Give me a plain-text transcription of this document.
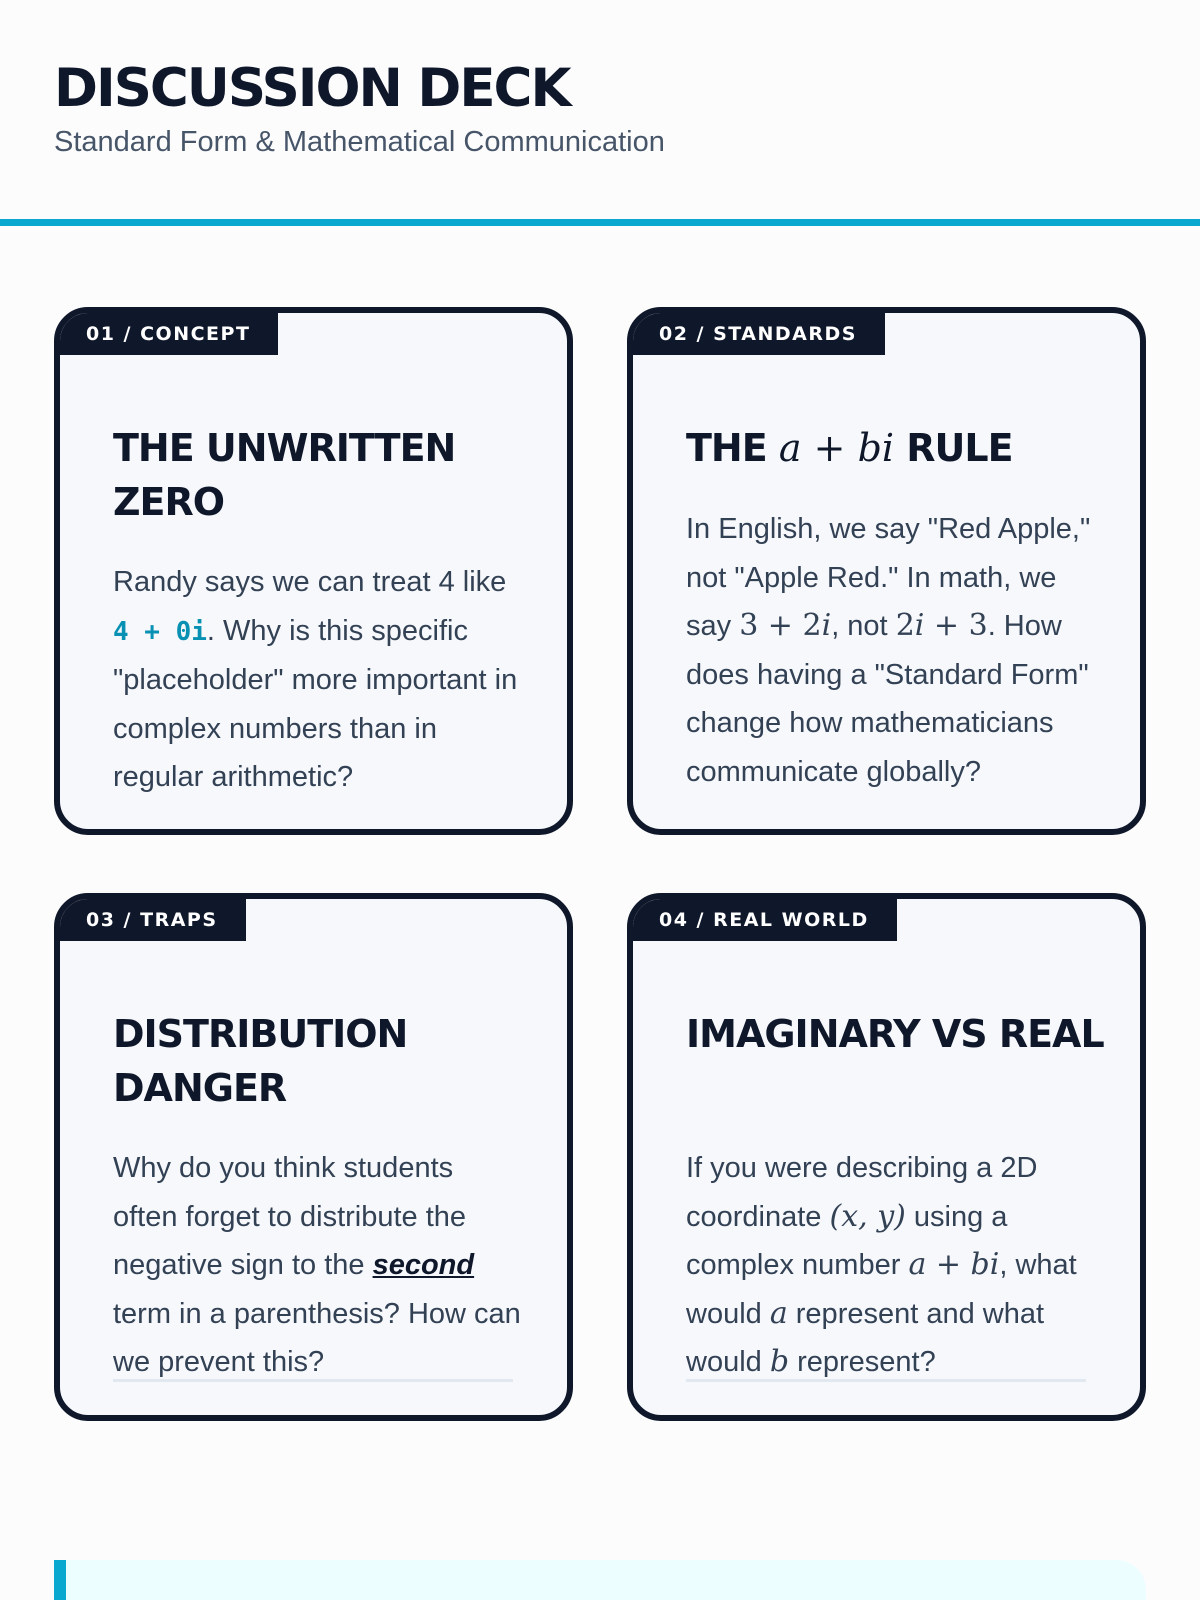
DISCUSSION DECK
Standard Form & Mathematical Communication
01 / CONCEPT
THE UNWRITTEN ZERO

Randy says we can treat 4 like 4 + 0i. Why is this specific "placeholder" more important in complex numbers than in regular arithmetic?

02 / STANDARDS
THE a + bi RULE

In English, we say "Red Apple," not "Apple Red." In math, we say 3 + 2i, not 2i + 3. How does having a "Standard Form" change how mathematicians communicate globally?

03 / TRAPS
DISTRIBUTION DANGER

Why do you think students often forget to distribute the negative sign to the second term in a parenthesis? How can we prevent this?

04 / REAL WORLD
IMAGINARY VS REAL

If you were describing a 2D coordinate (x, y) using a complex number a + bi, what would a represent and what would b represent?
